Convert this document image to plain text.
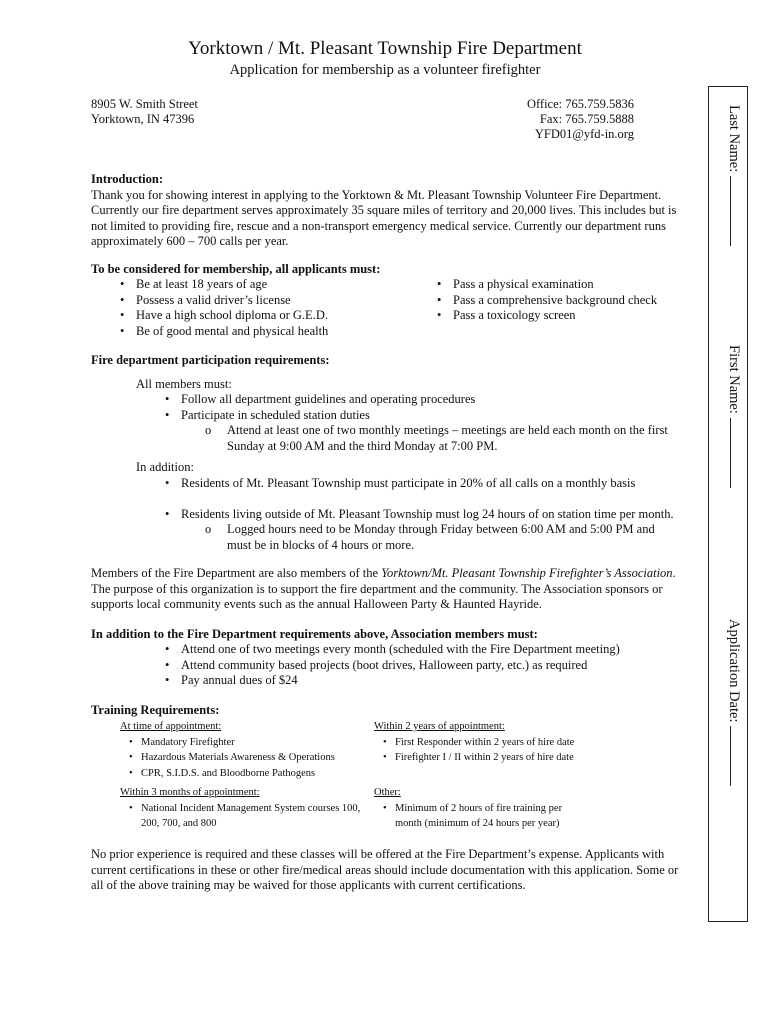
Yorktown / Mt. Pleasant Township Fire Department
Application for membership as a volunteer firefighter
8905 W. Smith Street
Yorktown, IN 47396
Office: 765.759.5836
Fax: 765.759.5888
YFD01@yfd-in.org
Introduction:
Thank you for showing interest in applying to the Yorktown & Mt. Pleasant Township Volunteer Fire Department. Currently our fire department serves approximately 35 square miles of territory and 20,000 lives. This includes but is not limited to providing fire, rescue and a non-transport emergency medical service. Currently our department runs approximately 600 – 700 calls per year.
To be considered for membership, all applicants must:
• Be at least 18 years of age
• Possess a valid driver’s license
• Have a high school diploma or G.E.D.
• Be of good mental and physical health
• Pass a physical examination
• Pass a comprehensive background check
• Pass a toxicology screen
Fire department participation requirements:
All members must:
• Follow all department guidelines and operating procedures
• Participate in scheduled station duties
o Attend at least one of two monthly meetings – meetings are held each month on the first Sunday at 9:00 AM and the third Monday at 7:00 PM.
In addition:
• Residents of Mt. Pleasant Township must participate in 20% of all calls on a monthly basis
• Residents living outside of Mt. Pleasant Township must log 24 hours of on station time per month.
o Logged hours need to be Monday through Friday between 6:00 AM and 5:00 PM and must be in blocks of 4 hours or more.
Members of the Fire Department are also members of the Yorktown/Mt. Pleasant Township Firefighter’s Association. The purpose of this organization is to support the fire department and the community. The Association sponsors or supports local community events such as the annual Halloween Party & Haunted Hayride.
In addition to the Fire Department requirements above, Association members must:
• Attend one of two meetings every month (scheduled with the Fire Department meeting)
• Attend community based projects (boot drives, Halloween party, etc.) as required
• Pay annual dues of $24
Training Requirements:
At time of appointment:
• Mandatory Firefighter
• Hazardous Materials Awareness & Operations
• CPR, S.I.D.S. and Bloodborne Pathogens
Within 2 years of appointment:
• First Responder within 2 years of hire date
• Firefighter I / II within 2 years of hire date
Within 3 months of appointment:
• National Incident Management System courses 100, 200, 700, and 800
Other:
• Minimum of 2 hours of fire training per month (minimum of 24 hours per year)
No prior experience is required and these classes will be offered at the Fire Department’s expense. Applicants with current certifications in these or other fire/medical areas should include documentation with this application. Some or all of the above training may be waived for those applicants with current certifications.
Last Name:
First Name:
Application Date:
